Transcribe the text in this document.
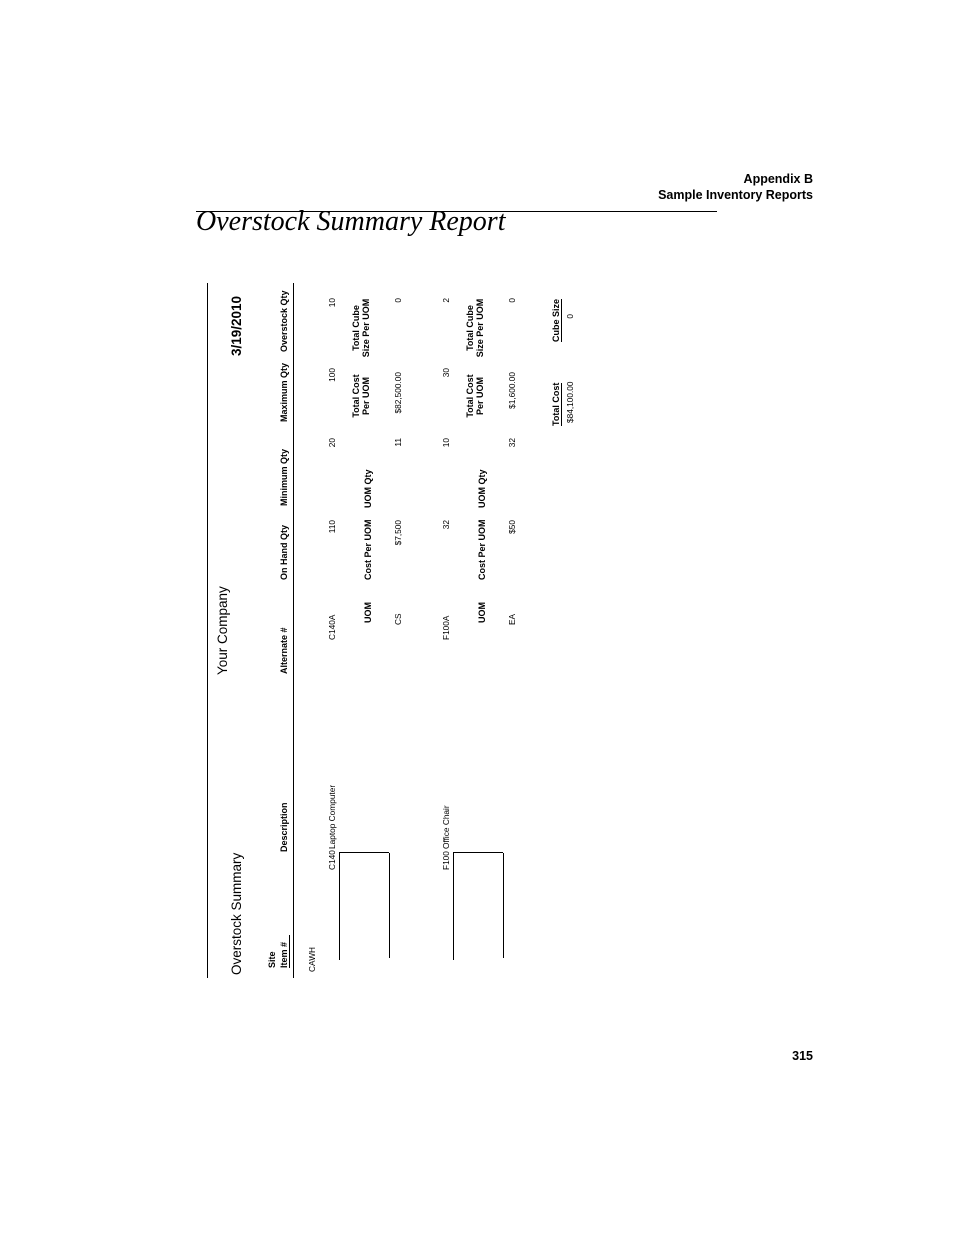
Appendix B
Sample Inventory Reports
Overstock Summary Report
Overstock Summary
Your Company
3/19/2010
Site Item #
Description
Alternate #
On Hand Qty
Minimum Qty
Maximum Qty
Overstock Qty
CAWH
C140
Laptop Computer
C140A
110
20
100
10
UOM
Cost Per UOM
UOM Qty
Total Cost Per UOM
Total Cube Size Per UOM
CS
$7,500
11
$82,500.00
0
F100
Office Chair
F100A
32
10
30
2
UOM
Cost Per UOM
UOM Qty
Total Cost Per UOM
Total Cube Size Per UOM
EA
$50
32
$1,600.00
0
Total Cost $84,100.00
Cube Size 0
315
